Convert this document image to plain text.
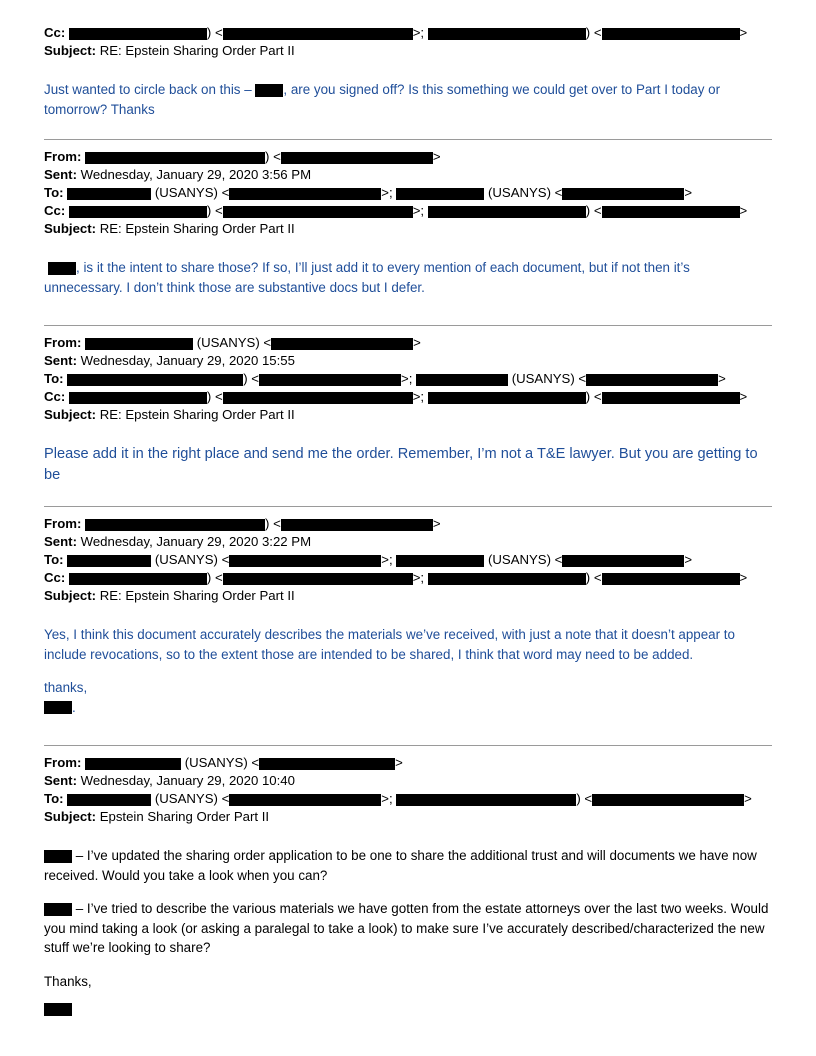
Cc:	) <	>;	) <	>

Subject: RE: Epstein Sharing Order Part II

Just wanted to circle back on this – , are you signed off? Is this something we could get over to Part I today or tomorrow? Thanks

From:	) <	>

Sent: Wednesday, January 29, 2020 3:56 PM

To:	(USANYS) <	>;	(USANYS) <	>

Cc:	) <	>;	) <	>

Subject: RE: Epstein Sharing Order Part II

, is it the intent to share those? If so, I’ll just add it to every mention of each document, but if not then it’s unnecessary. I don’t think those are substantive docs but I defer.

From:	(USANYS) <	>

Sent: Wednesday, January 29, 2020 15:55

To:	) <	>;	(USANYS) <	>

Cc:	) <	>;	) <	>

Subject: RE: Epstein Sharing Order Part II

Please add it in the right place and send me the order. Remember, I’m not a T&E lawyer. But you are getting to be

From:	) <	>

Sent: Wednesday, January 29, 2020 3:22 PM

To:	(USANYS) <	>;	(USANYS) <	>

Cc:	) <	>;	) <	>

Subject: RE: Epstein Sharing Order Part II

Yes, I think this document accurately describes the materials we’ve received, with just a note that it doesn’t appear to include revocations, so to the extent those are intended to be shared, I think that word may need to be added.

thanks,

.

From:	(USANYS) <	>

Sent: Wednesday, January 29, 2020 10:40

To:	(USANYS) <	>;	) <	>

Subject: Epstein Sharing Order Part II

– I’ve updated the sharing order application to be one to share the additional trust and will documents we have now received. Would you take a look when you can?

– I’ve tried to describe the various materials we have gotten from the estate attorneys over the last two weeks. Would you mind taking a look (or asking a paralegal to take a look) to make sure I’ve accurately described/characterized the new stuff we’re looking to share?

Thanks,
